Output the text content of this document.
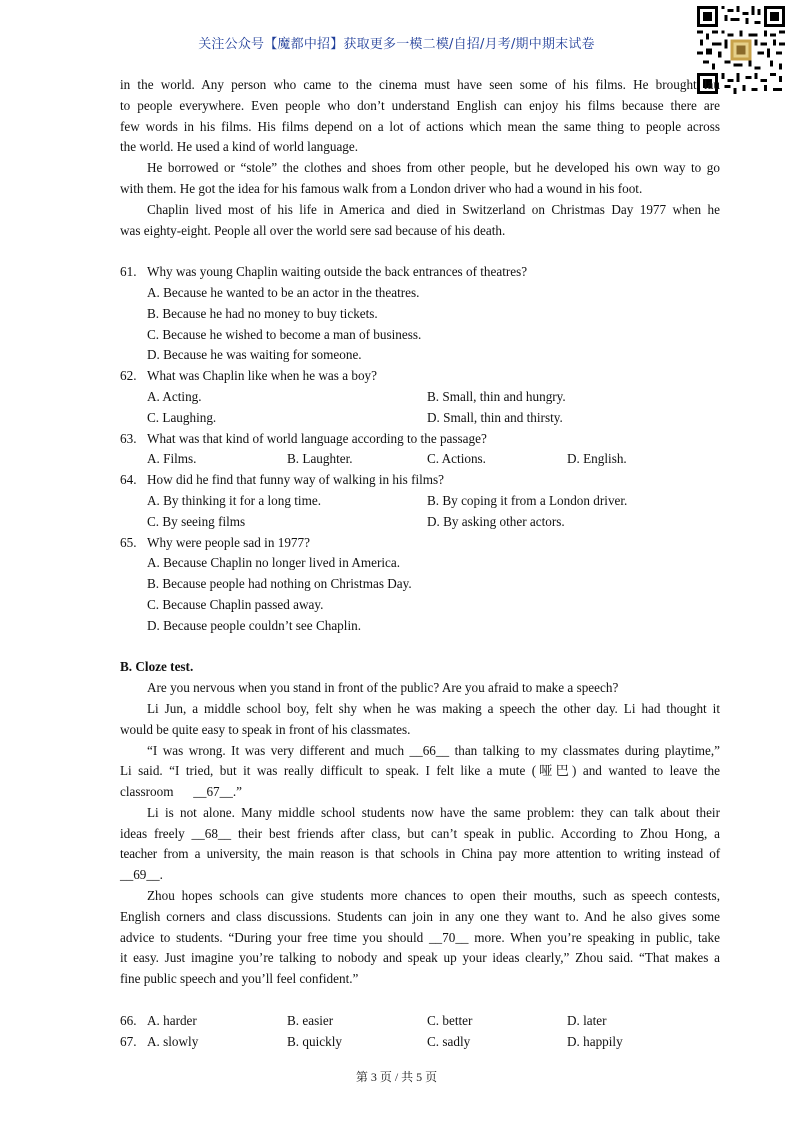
关注公众号【魔都中招】获取更多一模二模/自招/月考/期中期末试卷
in the world. Any person who came to the cinema must have seen some of his films. He brought lau
to people everywhere. Even people who don’t understand English can enjoy his films because there are
few words in his films. His films depend on a lot of actions which mean the same thing to people across
the world. He used a kind of world language.
He borrowed or “stole” the clothes and shoes from other people, but he developed his own way to go
with them. He got the idea for his famous walk from a London driver who had a wound in his foot.
Chaplin lived most of his life in America and died in Switzerland on Christmas Day 1977 when he
was eighty-eight. People all over the world sere sad because of his death.
61. Why was young Chaplin waiting outside the back entrances of theatres?
A. Because he wanted to be an actor in the theatres.
B. Because he had no money to buy tickets.
C. Because he wished to become a man of business.
D. Because he was waiting for someone.
62. What was Chaplin like when he was a boy?
A. Acting.	B. Small, thin and hungry.
C. Laughing.	D. Small, thin and thirsty.
63. What was that kind of world language according to the passage?
A. Films.	B. Laughter.	C. Actions.	D. English.
64. How did he find that funny way of walking in his films?
A. By thinking it for a long time.	B. By coping it from a London driver.
C. By seeing films	D. By asking other actors.
65. Why were people sad in 1977?
A. Because Chaplin no longer lived in America.
B. Because people had nothing on Christmas Day.
C. Because Chaplin passed away.
D. Because people couldn’t see Chaplin.
B. Cloze test.
Are you nervous when you stand in front of the public? Are you afraid to make a speech?
Li Jun, a middle school boy, felt shy when he was making a speech the other day. Li had thought it
would be quite easy to speak in front of his classmates.
“I was wrong. It was very different and much __66__ than talking to my classmates during playtime,”
Li said. “I tried, but it was really difficult to speak. I felt like a mute (哑巴) and wanted to leave the
classroom      __67__.”
Li is not alone. Many middle school students now have the same problem: they can talk about their
ideas freely __68__ their best friends after class, but can’t speak in public. According to Zhou Hong, a
teacher from a university, the main reason is that schools in China pay more attention to writing instead of
__69__.
Zhou hopes schools can give students more chances to open their mouths, such as speech contests,
English corners and class discussions. Students can join in any one they want to. And he also gives some
advice to students. “During your free time you should __70__ more. When you’re speaking in public, take
it easy. Just imagine you’re talking to nobody and speak up your ideas clearly,” Zhou said. “That makes a
fine public speech and you’ll feel confident.”
66. A. harder	B. easier	C. better	D. later
67. A. slowly	B. quickly	C. sadly	D. happily
第 3 页 / 共 5 页
